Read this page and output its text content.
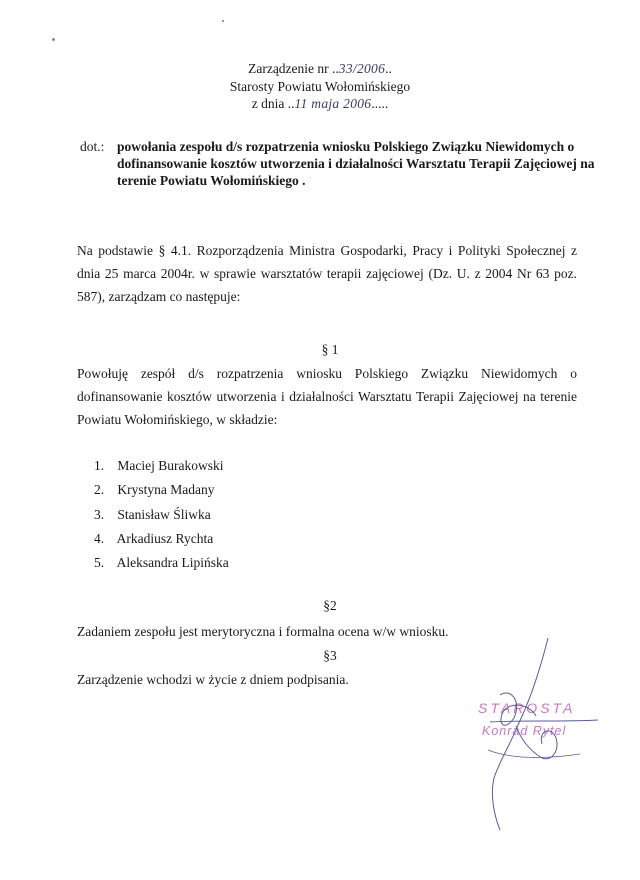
Zarządzenie nr ..33/2006..
Starosty Powiatu Wołomińskiego
z dnia ..11 maja 2006.....
dot.: powołania zespołu d/s rozpatrzenia wniosku Polskiego Związku Niewidomych o dofinansowanie kosztów utworzenia i działalności Warsztatu Terapii Zajęciowej na terenie Powiatu Wołomińskiego .
Na podstawie § 4.1. Rozporządzenia Ministra Gospodarki, Pracy i Polityki Społecznej z dnia 25 marca 2004r. w sprawie warsztatów terapii zajęciowej (Dz. U. z 2004 Nr 63 poz. 587), zarządzam co następuje:
§ 1
Powołuję zespół d/s rozpatrzenia wniosku Polskiego Związku Niewidomych o dofinansowanie kosztów utworzenia i działalności Warsztatu Terapii Zajęciowej na terenie Powiatu Wołomińskiego, w składzie:
1. Maciej Burakowski
2. Krystyna Madany
3. Stanisław Śliwka
4. Arkadiusz Rychta
5. Aleksandra Lipińska
§2
Zadaniem zespołu jest merytoryczna i formalna ocena w/w wniosku.
§3
Zarządzenie wchodzi w życie z dniem podpisania.
STAROSTA
Konrad Rytel
